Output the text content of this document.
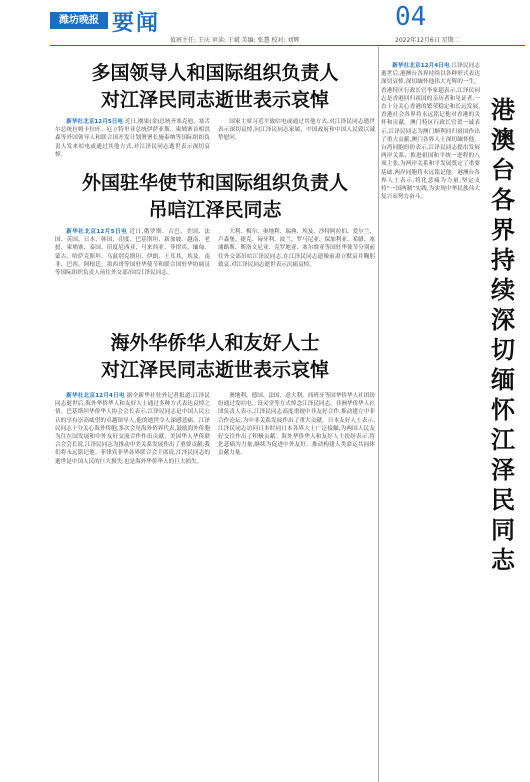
潍坊晚报 要闻	04
值班主任: 王庆 审读: 于斌 美编: 张慧 校对: 刘辉	2022年12月6日 星期二
多国领导人和国际组织负责人
对江泽民同志逝世表示哀悼

新华社北京12月5日电 近日,刚果(金)总统齐塞克迪、塞舌尔总统拉姆卡拉旺、厄立特里亚总统伊萨亚斯、柬埔寨首相洪森等外国领导人和联合国开发计划署署长施泰纳等国际组织负责人发来唁电或通过其他方式,对江泽民同志逝世表示深切哀悼。

国家主席习近平致唁电或通过其他方式,对江泽民同志逝世表示深切哀悼,向江泽民同志家属、中国政府和中国人民致以诚挚慰问。

外国驻华使节和国际组织负责人
吊唁江泽民同志

新华社北京12月5日电 近日,俄罗斯、古巴、美国、法国、英国、日本、韩国、印度、巴基斯坦、新加坡、越南、老挝、柬埔寨、泰国、印度尼西亚、马来西亚、菲律宾、缅甸、蒙古、哈萨克斯坦、乌兹别克斯坦、伊朗、土耳其、埃及、南非、巴西、阿根廷、墨西哥等国驻华使节和联合国驻华协调员等国际组织负责人前往外交部吊唁江泽民同志。

大利、梅尔、奥地利、瑞典、埃及、沙特阿拉伯、爱尔兰、卢森堡、捷克、匈牙利、波兰、罗马尼亚、保加利亚、希腊、塞浦路斯、斯洛文尼亚、克罗地亚、塞尔维亚等国驻华使节分别前往外交部吊唁江泽民同志,在江泽民同志遗像前肃立默哀并鞠躬致哀,对江泽民同志逝世表示沉痛哀悼。

海外华侨华人和友好人士
对江泽民同志逝世表示哀悼

新华社北京12月4日电 据全新华社驻外记者报道:江泽民同志逝世后,海外华侨华人和友好人士通过多种方式表达哀悼之情。巴基斯坦华侨华人协会会长表示,江泽民同志是中国人民公认的享有崇高威望的卓越领导人,他的逝世令人深感悲痛。江泽民同志十分关心海外侨胞,多次会见海外侨界代表,鼓励海外侨胞为住在国发展和中外友好交流合作作出贡献。美国华人华侨联合会会长说,江泽民同志为推动中美关系发展作出了重要贡献,我们将永远铭记他。菲律宾菲华各界联合会主席说,江泽民同志的逝世是中国人民的巨大损失,也是海外华侨华人的巨大损失。

奥地利、德国、法国、意大利、西班牙等国华侨华人社团纷纷通过发唁电、设灵堂等方式悼念江泽民同志。非洲华侨华人社团负责人表示,江泽民同志高度重视中非友好合作,推动建立中非合作论坛,为中非关系发展作出了重大贡献。日本友好人士表示,江泽民同志访问日本时同日本各界人士广泛接触,为两国人民友好交往作出了积极贡献。海外华侨华人和友好人士纷纷表示,将化悲痛为力量,继续为促进中外友好、推动构建人类命运共同体贡献力量。

新华社北京12月4日电 江泽民同志逝世后,港澳台各界持续以各种形式表达深切哀悼,深切缅怀他伟大光辉的一生。香港特区行政长官李家超表示,江泽民同志是香港回归祖国的亲历者和见证者,一直十分关心香港的繁荣稳定和长远发展,香港社会各界将永远铭记他对香港的关怀和贡献。澳门特区行政长官贺一诚表示,江泽民同志为澳门顺利回归祖国作出了重大贡献,澳门各界人士深切缅怀他。台湾同胞纷纷表示,江泽民同志提出发展两岸关系、推进祖国和平统一进程的八项主张,为两岸关系和平发展奠定了重要基础,两岸同胞将永远铭记他。港澳台各界人士表示,将化悲痛为力量,坚定支持“一国两制”实践,为实现中华民族伟大复兴而努力奋斗。

港
澳
台
各
界
持
续
深
切
缅
怀
江
泽
民
同
志
